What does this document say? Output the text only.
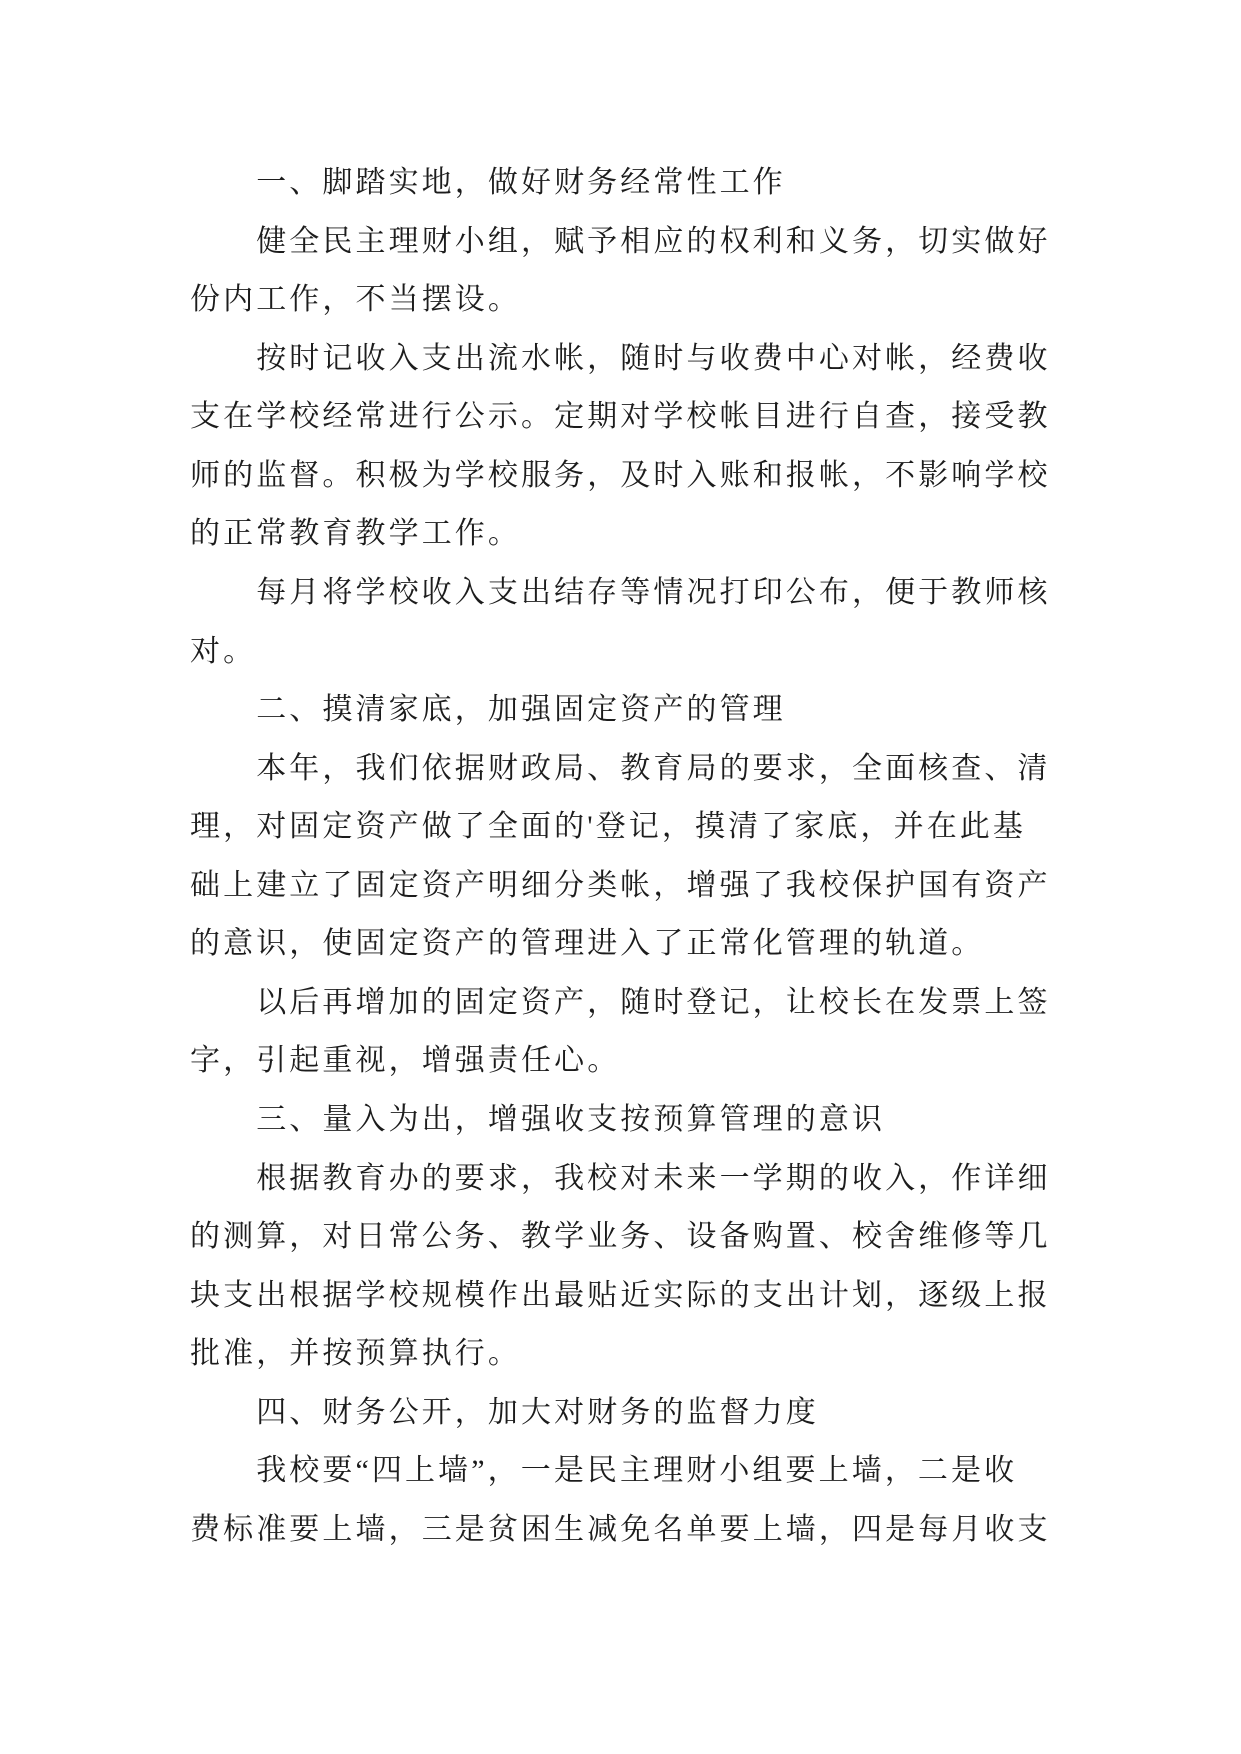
一、脚踏实地，做好财务经常性工作
健全民主理财小组，赋予相应的权利和义务，切实做好
份内工作，不当摆设。
按时记收入支出流水帐，随时与收费中心对帐，经费收
支在学校经常进行公示。定期对学校帐目进行自查，接受教
师的监督。积极为学校服务，及时入账和报帐，不影响学校
的正常教育教学工作。
每月将学校收入支出结存等情况打印公布，便于教师核
对。
二、摸清家底，加强固定资产的管理
本年，我们依据财政局、教育局的要求，全面核查、清
理，对固定资产做了全面的'登记，摸清了家底，并在此基
础上建立了固定资产明细分类帐，增强了我校保护国有资产
的意识，使固定资产的管理进入了正常化管理的轨道。
以后再增加的固定资产，随时登记，让校长在发票上签
字，引起重视，增强责任心。
三、量入为出，增强收支按预算管理的意识
根据教育办的要求，我校对未来一学期的收入，作详细
的测算，对日常公务、教学业务、设备购置、校舍维修等几
块支出根据学校规模作出最贴近实际的支出计划，逐级上报
批准，并按预算执行。
四、财务公开，加大对财务的监督力度
我校要“四上墙”，一是民主理财小组要上墙，二是收
费标准要上墙，三是贫困生减免名单要上墙，四是每月收支
